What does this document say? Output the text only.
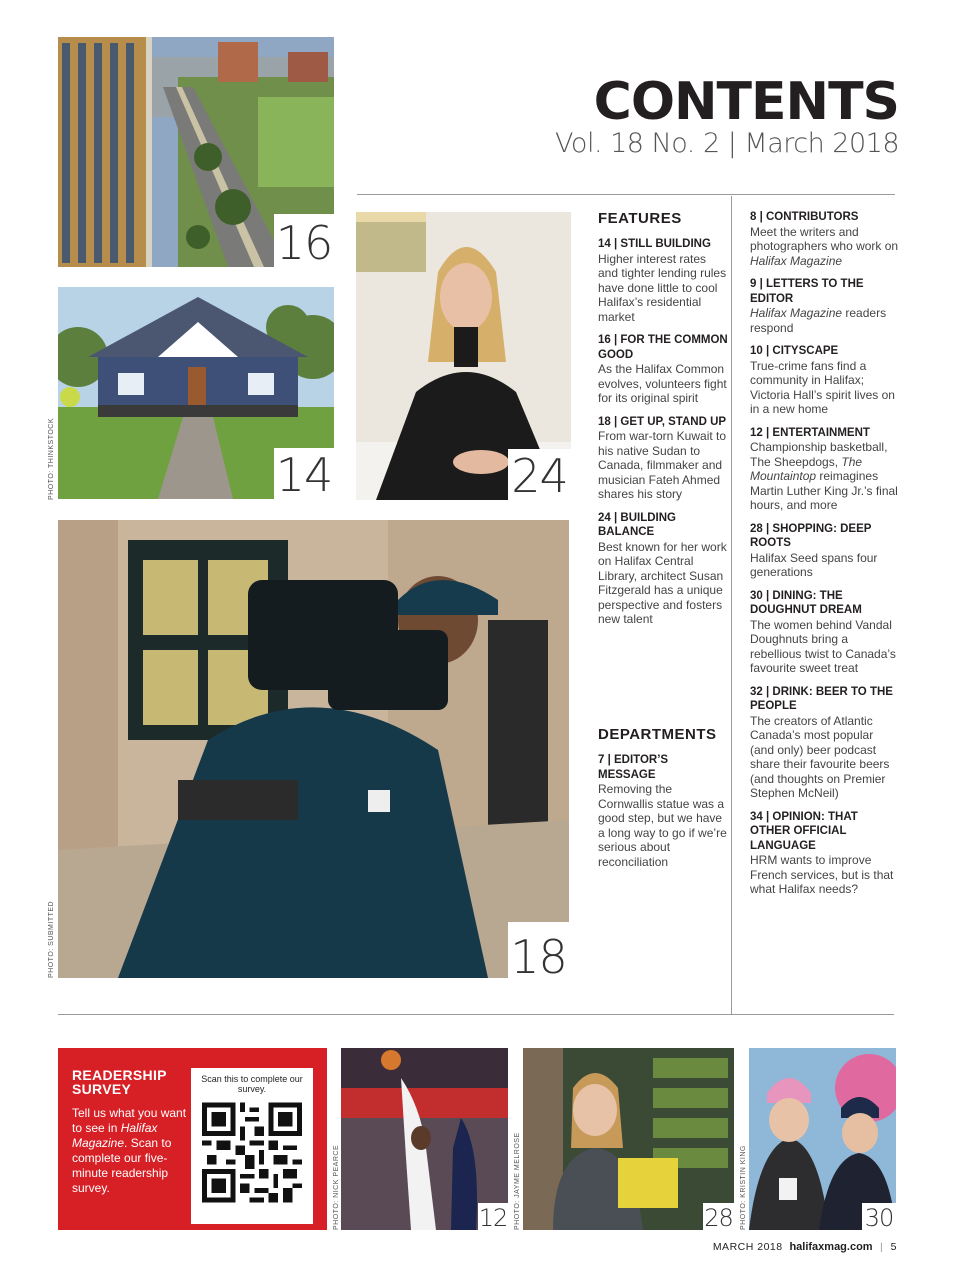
CONTENTS
Vol. 18 No. 2 | March 2018
16
14
PHOTO: THINKSTOCK	24
18
PHOTO: SUBMITTED
FEATURES
14 | STILL BUILDING
Higher interest rates and tighter lending rules have done little to cool Halifax’s residential market
16 | FOR THE COMMON GOOD
As the Halifax Common evolves, volunteers fight for its original spirit
18 | GET UP, STAND UP
From war-torn Kuwait to his native Sudan to Canada, filmmaker and musician Fateh Ahmed shares his story
24 | BUILDING BALANCE
Best known for her work on Halifax Central Library, architect Susan Fitzgerald has a unique perspective and fosters new talent
DEPARTMENTS
7 | EDITOR’S MESSAGE
Removing the Cornwallis statue was a good step, but we have a long way to go if we’re serious about reconciliation
8 | CONTRIBUTORS
Meet the writers and photographers who work on Halifax Magazine
9 | LETTERS TO THE EDITOR
Halifax Magazine readers respond
10 | CITYSCAPE
True-crime fans find a community in Halifax; Victoria Hall’s spirit lives on in a new home
12 | ENTERTAINMENT
Championship basketball, The Sheepdogs, The Mountaintop reimagines Martin Luther King Jr.’s final hours, and more
28 | SHOPPING: DEEP ROOTS
Halifax Seed spans four generations
30 | DINING: THE DOUGHNUT DREAM
The women behind Vandal Doughnuts bring a rebellious twist to Canada’s favourite sweet treat
32 | DRINK: BEER TO THE PEOPLE
The creators of Atlantic Canada’s most popular (and only) beer podcast share their favourite beers (and thoughts on Premier Stephen McNeil)
34 | OPINION: THAT OTHER OFFICIAL LANGUAGE
HRM wants to improve French services, but is that what Halifax needs?
READERSHIP SURVEY
Tell us what you want to see in Halifax Magazine. Scan to complete our five-minute readership survey.
Scan this to complete our survey.
12
PHOTO: NICK PEARCE	28
PHOTO: JAYME MELROSE	30
PHOTO: KRISTIN KING
MARCH 2018 halifaxmag.com | 5
